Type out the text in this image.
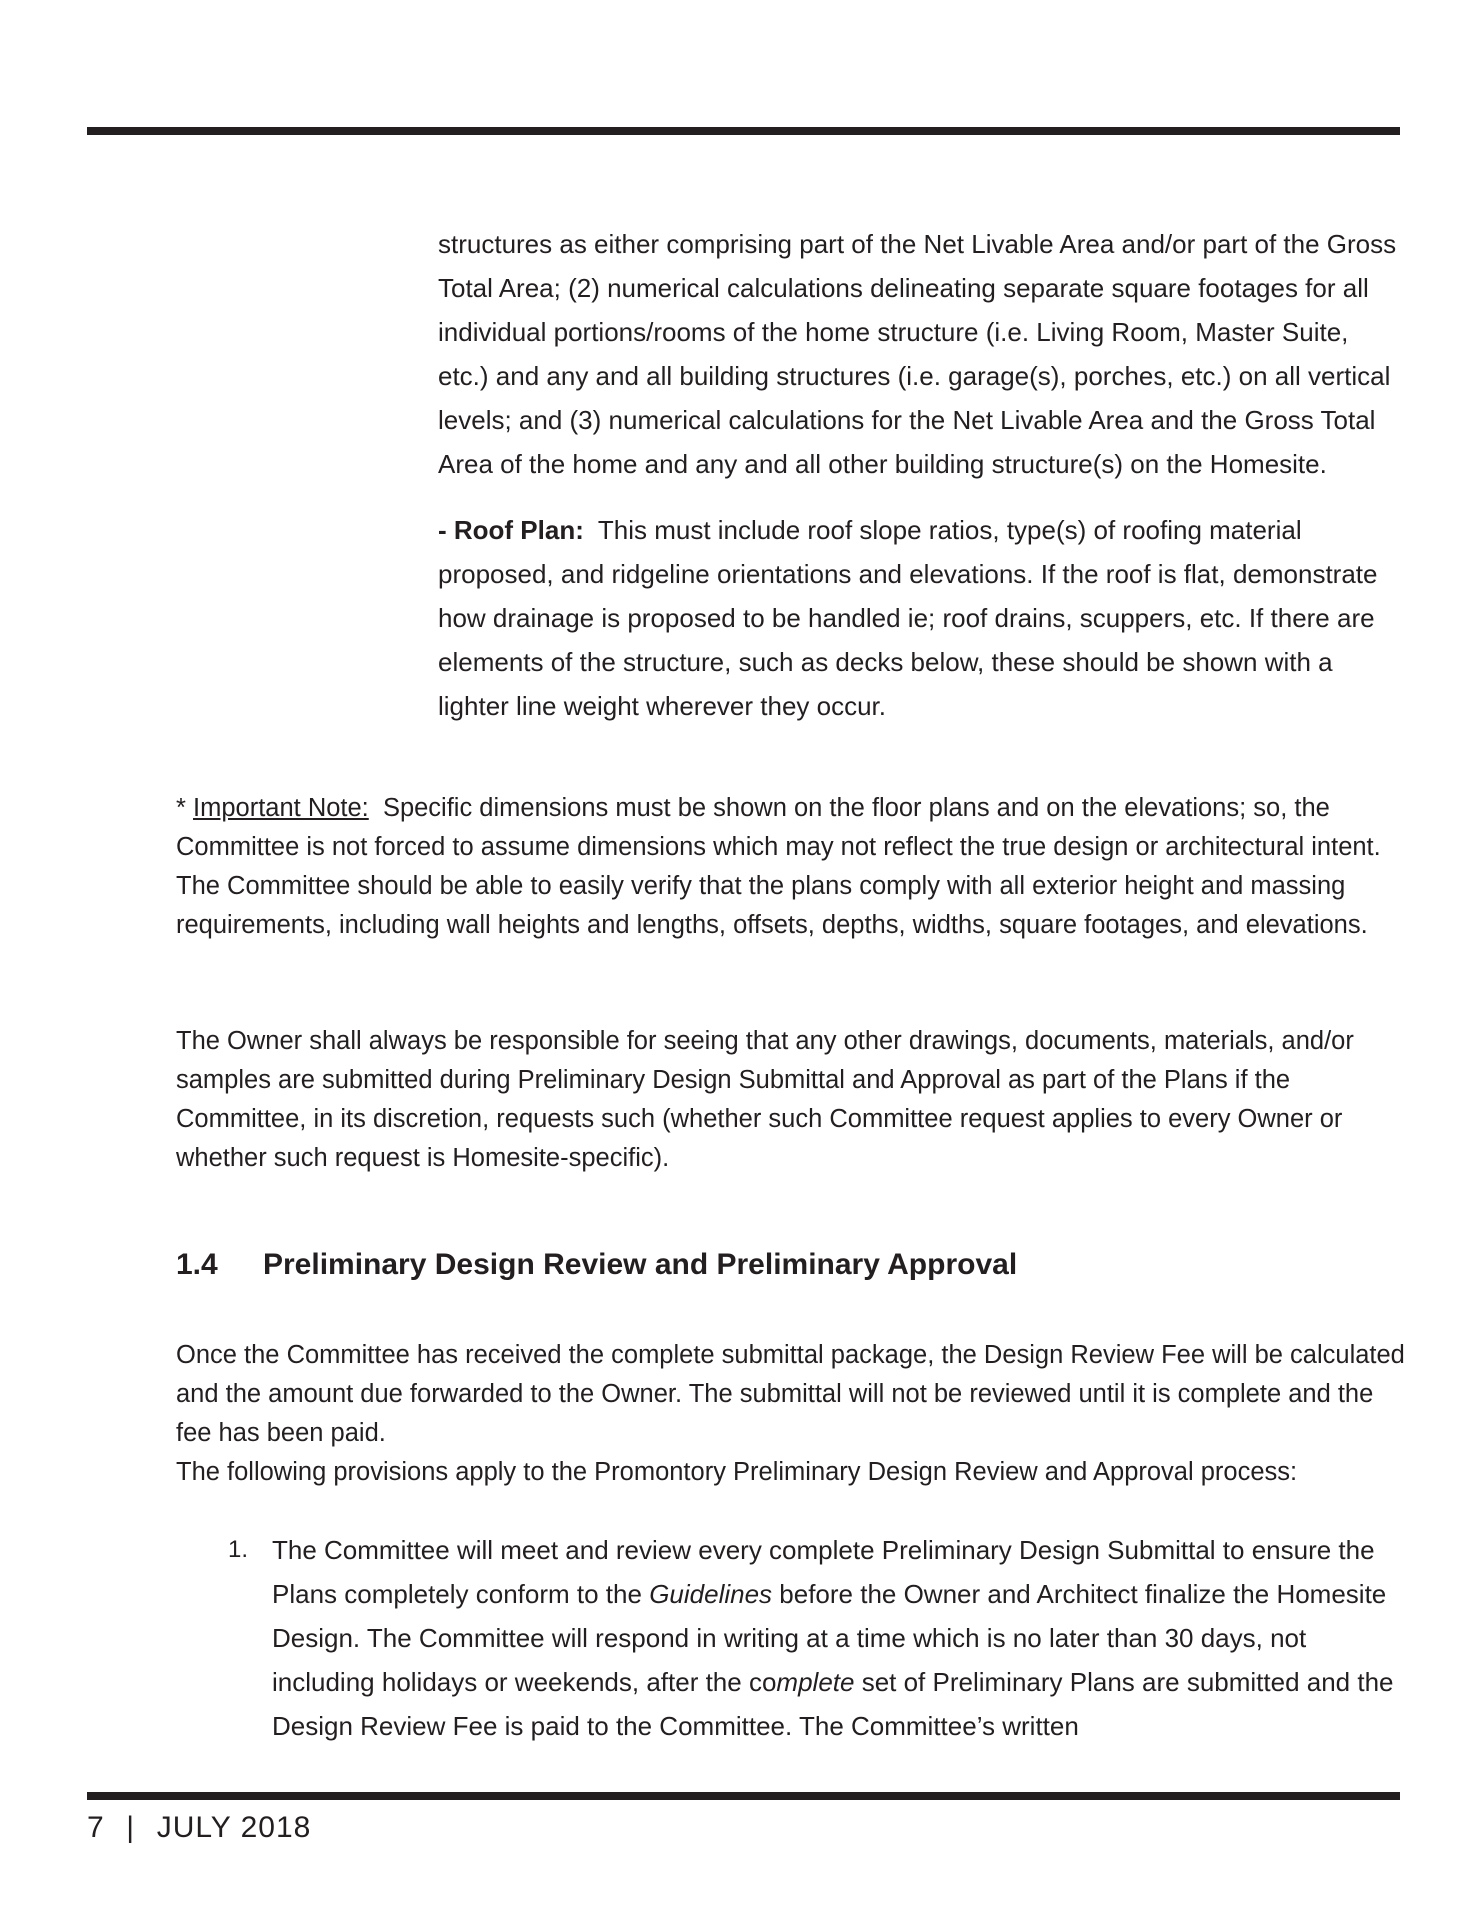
structures as either comprising part of the Net Livable Area and/or part of the Gross Total Area; (2) numerical calculations delineating separate square footages for all individual portions/rooms of the home structure (i.e. Living Room, Master Suite, etc.) and any and all building structures (i.e. garage(s), porches, etc.) on all vertical levels; and (3) numerical calculations for the Net Livable Area and the Gross Total Area of the home and any and all other building structure(s) on the Homesite.

- Roof Plan: This must include roof slope ratios, type(s) of roofing material proposed, and ridgeline orientations and elevations. If the roof is flat, demonstrate how drainage is proposed to be handled ie; roof drains, scuppers, etc. If there are elements of the structure, such as decks below, these should be shown with a lighter line weight wherever they occur.

* Important Note: Specific dimensions must be shown on the floor plans and on the elevations; so, the Committee is not forced to assume dimensions which may not reflect the true design or architectural intent. The Committee should be able to easily verify that the plans comply with all exterior height and massing requirements, including wall heights and lengths, offsets, depths, widths, square footages, and elevations.

The Owner shall always be responsible for seeing that any other drawings, documents, materials, and/or samples are submitted during Preliminary Design Submittal and Approval as part of the Plans if the Committee, in its discretion, requests such (whether such Committee request applies to every Owner or whether such request is Homesite-specific).

1.4 Preliminary Design Review and Preliminary Approval

Once the Committee has received the complete submittal package, the Design Review Fee will be calculated and the amount due forwarded to the Owner. The submittal will not be reviewed until it is complete and the fee has been paid.

The following provisions apply to the Promontory Preliminary Design Review and Approval process:

1. The Committee will meet and review every complete Preliminary Design Submittal to ensure the Plans completely conform to the Guidelines before the Owner and Architect finalize the Homesite Design. The Committee will respond in writing at a time which is no later than 30 days, not including holidays or weekends, after the complete set of Preliminary Plans are submitted and the Design Review Fee is paid to the Committee. The Committee’s written
7 | JULY 2018
